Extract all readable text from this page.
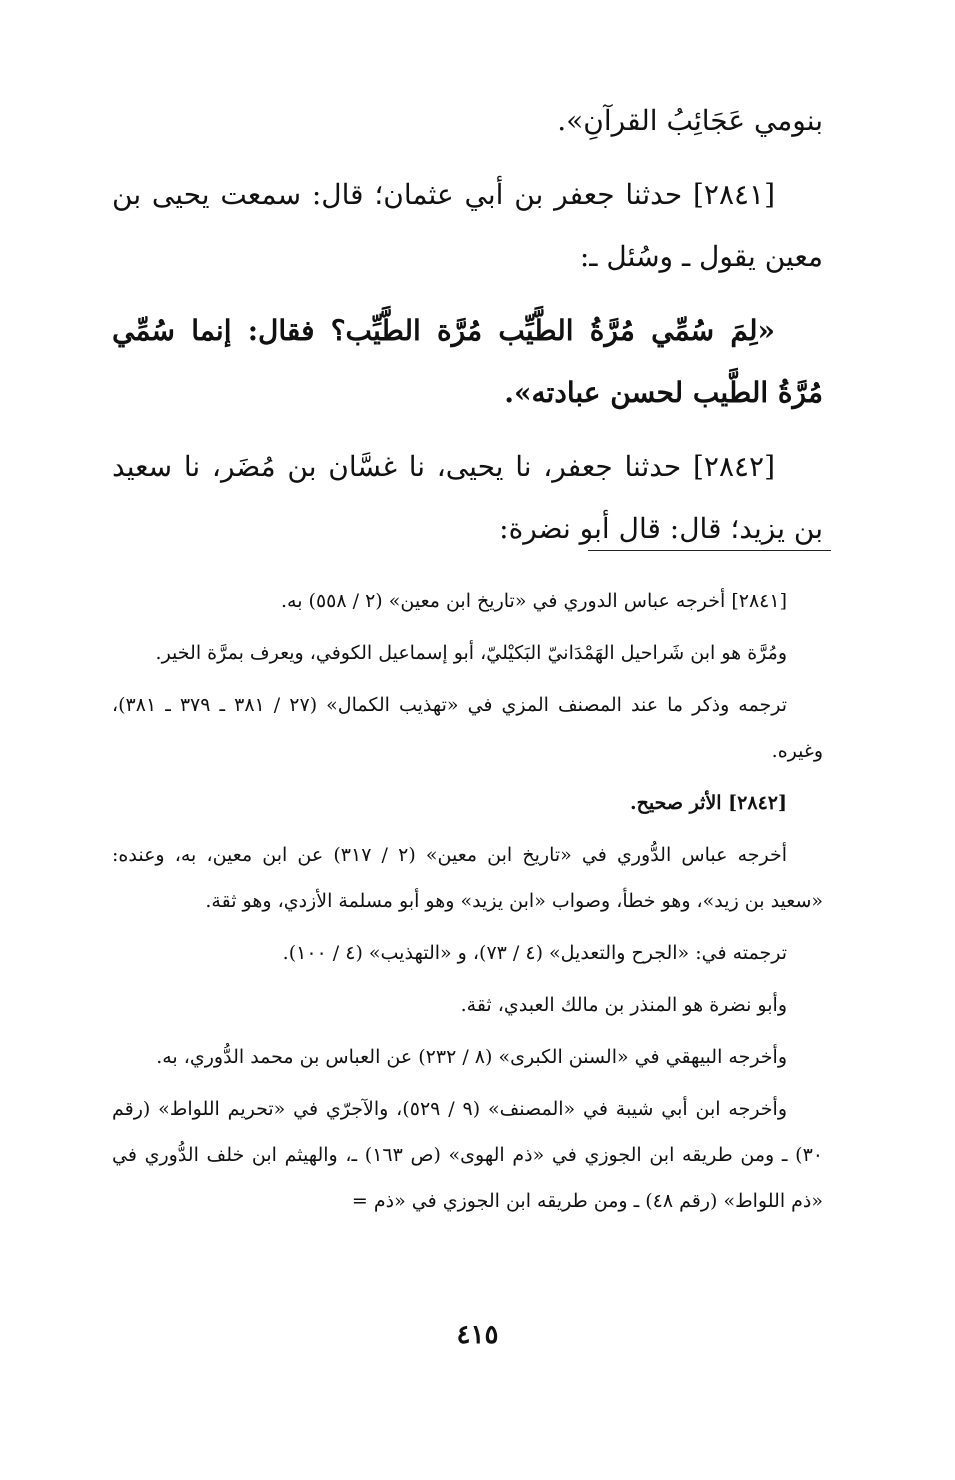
بنومي عَجَائِبُ القرآنِ».

[٢٨٤١] حدثنا جعفر بن أبي عثمان؛ قال: سمعت يحيى بن معين يقول ـ وسُئل ـ:

«لِمَ سُمِّي مُرَّةُ الطَّيِّب مُرَّة الطَّيِّب؟ فقال: إنما سُمِّي مُرَّةُ الطَّيب لحسن عبادته».

[٢٨٤٢] حدثنا جعفر، نا يحيى، نا غسَّان بن مُضَر، نا سعيد بن يزيد؛ قال: قال أبو نضرة:

[٢٨٤١] أخرجه عباس الدوري في «تاريخ ابن معين» (٢ / ٥٥٨) به.

ومُرَّة هو ابن شَراحيل الهَمْدَانيّ البَكيْليّ، أبو إسماعيل الكوفي، ويعرف بمرَّة الخير.

ترجمه وذكر ما عند المصنف المزي في «تهذيب الكمال» (٢٧ / ٣٨١ ـ ٣٧٩ ـ ٣٨١)، وغيره.

[٢٨٤٢] الأثر صحيح.

أخرجه عباس الدُّوري في «تاريخ ابن معين» (٢ / ٣١٧) عن ابن معين، به، وعنده: «سعيد بن زيد»، وهو خطأ، وصواب «ابن يزيد» وهو أبو مسلمة الأزدي، وهو ثقة.

ترجمته في: «الجرح والتعديل» (٤ / ٧٣)، و «التهذيب» (٤ / ١٠٠).

وأبو نضرة هو المنذر بن مالك العبدي، ثقة.

وأخرجه البيهقي في «السنن الكبرى» (٨ / ٢٣٢) عن العباس بن محمد الدُّوري، به.

وأخرجه ابن أبي شيبة في «المصنف» (٩ / ٥٢٩)، والآجرّي في «تحريم اللواط» (رقم ٣٠) ـ ومن طريقه ابن الجوزي في «ذم الهوى» (ص ١٦٣) ـ، والهيثم ابن خلف الدُّوري في «ذم اللواط» (رقم ٤٨) ـ ومن طريقه ابن الجوزي في «ذم =

٤١٥
